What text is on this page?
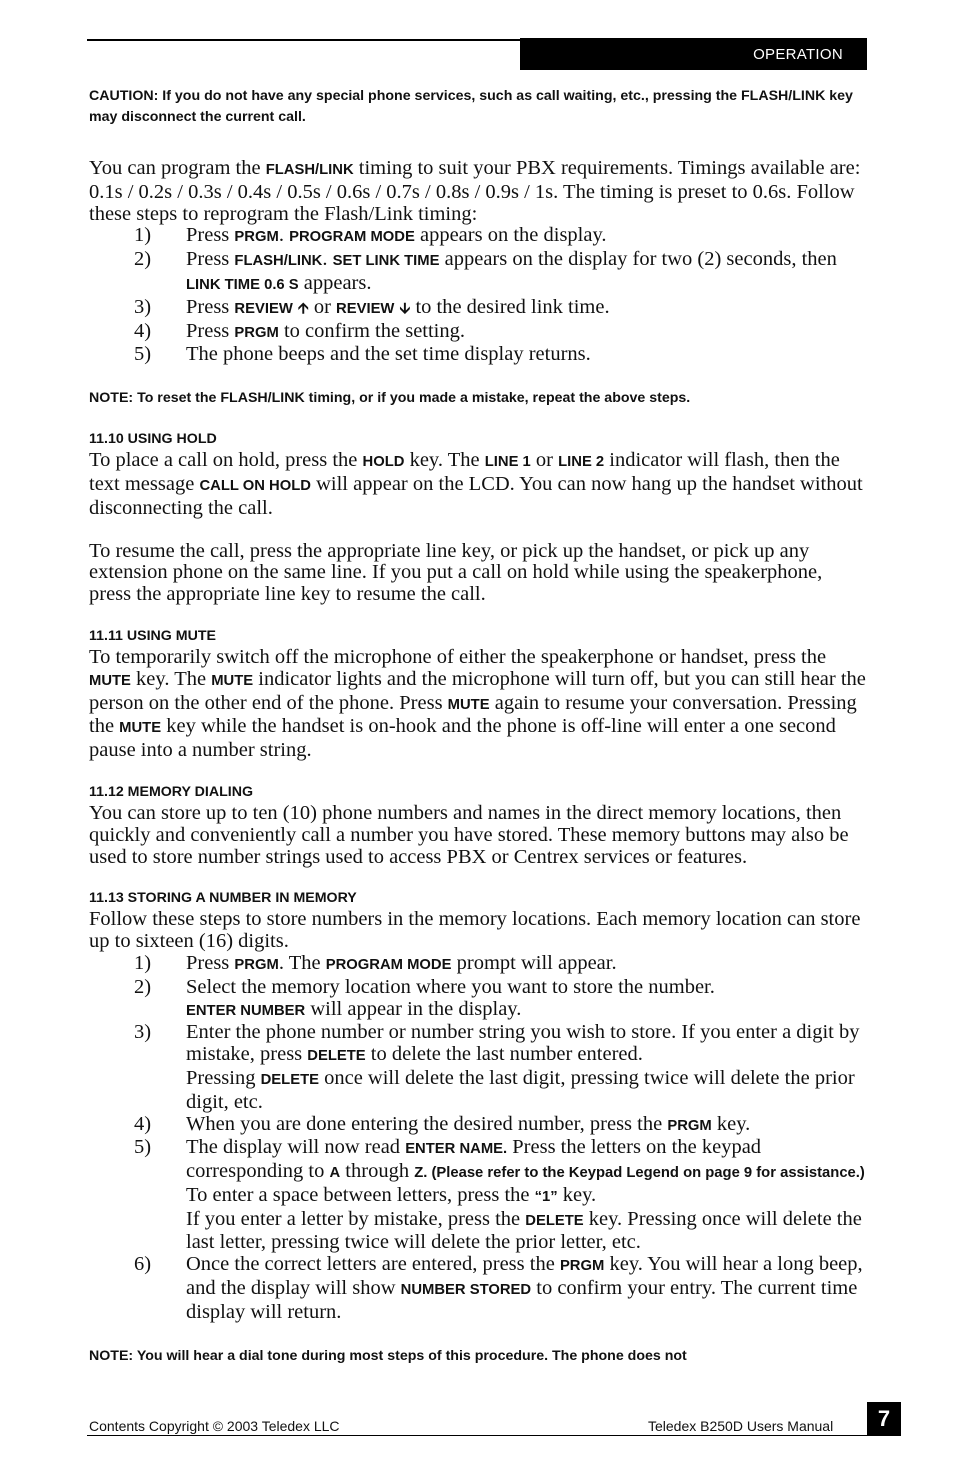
OPERATION

CAUTION: If you do not have any special phone services, such as call waiting, etc., pressing the FLASH/LINK key may disconnect the current call.

You can program the FLASH/LINK timing to suit your PBX requirements. Timings available are: 0.1s / 0.2s / 0.3s / 0.4s / 0.5s / 0.6s / 0.7s / 0.8s / 0.9s / 1s. The timing is preset to 0.6s. Follow these steps to reprogram the Flash/Link timing:

1) Press PRGM. PROGRAM MODE appears on the display.
2) Press FLASH/LINK. SET LINK TIME appears on the display for two (2) seconds, then LINK TIME 0.6 S appears.
3) Press REVIEW 🡩 or REVIEW 🡫 to the desired link time.
4) Press PRGM to confirm the setting.
5) The phone beeps and the set time display returns.

NOTE: To reset the FLASH/LINK timing, or if you made a mistake, repeat the above steps.

11.10 USING HOLD

To place a call on hold, press the HOLD key. The LINE 1 or LINE 2 indicator will flash, then the text message CALL ON HOLD will appear on the LCD. You can now hang up the handset without disconnecting the call.

To resume the call, press the appropriate line key, or pick up the handset, or pick up any extension phone on the same line. If you put a call on hold while using the speakerphone, press the appropriate line key to resume the call.

11.11 USING MUTE

To temporarily switch off the microphone of either the speakerphone or handset, press the MUTE key. The MUTE indicator lights and the microphone will turn off, but you can still hear the person on the other end of the phone. Press MUTE again to resume your conversation. Pressing the MUTE key while the handset is on-hook and the phone is off-line will enter a one second pause into a number string.

11.12 MEMORY DIALING

You can store up to ten (10) phone numbers and names in the direct memory locations, then quickly and conveniently call a number you have stored. These memory buttons may also be used to store number strings used to access PBX or Centrex services or features.

11.13 STORING A NUMBER IN MEMORY

Follow these steps to store numbers in the memory locations. Each memory location can store up to sixteen (16) digits.

1) Press PRGM. The PROGRAM MODE prompt will appear.
2) Select the memory location where you want to store the number.
ENTER NUMBER will appear in the display.
3) Enter the phone number or number string you wish to store. If you enter a digit by mistake, press DELETE to delete the last number entered.
Pressing DELETE once will delete the last digit, pressing twice will delete the prior digit, etc.
4) When you are done entering the desired number, press the PRGM key.
5) The display will now read ENTER NAME. Press the letters on the keypad corresponding to A through Z. (Please refer to the Keypad Legend on page 9 for assistance.) To enter a space between letters, press the “1” key.
If you enter a letter by mistake, press the DELETE key. Pressing once will delete the last letter, pressing twice will delete the prior letter, etc.
6) Once the correct letters are entered, press the PRGM key. You will hear a long beep, and the display will show NUMBER STORED to confirm your entry. The current time display will return.

NOTE: You will hear a dial tone during most steps of this procedure. The phone does not

Contents Copyright © 2003 Teledex LLC	Teledex B250D Users Manual 7
